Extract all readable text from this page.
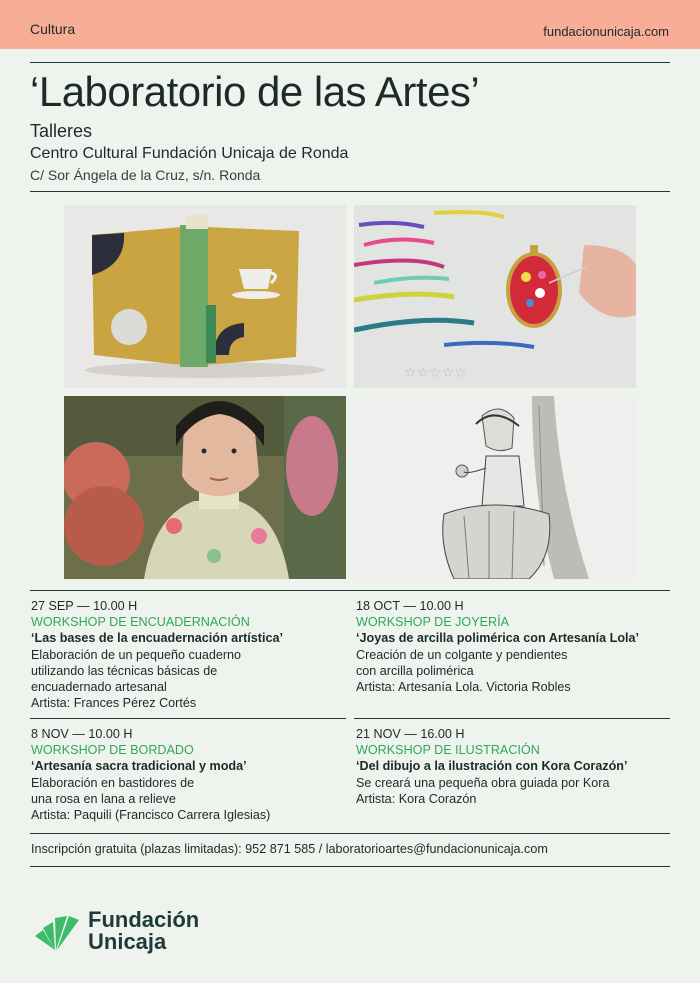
Cultura	fundacionunicaja.com
‘Laboratorio de las Artes’
Talleres
Centro Cultural Fundación Unicaja de Ronda
C/ Sor Ángela de la Cruz, s/n. Ronda
☆☆☆☆☆
27 SEP — 10.00 H
WORKSHOP DE ENCUADERNACIÓN
‘Las bases de la encuadernación artística’
Elaboración de un pequeño cuaderno
utilizando las técnicas básicas de
encuadernado artesanal
Artista: Frances Pérez Cortés
18 OCT — 10.00 H
WORKSHOP DE JOYERÍA
‘Joyas de arcilla polimérica con Artesanía Lola’
Creación de un colgante y pendientes
con arcilla polimérica
Artista: Artesanía Lola. Victoria Robles
8 NOV — 10.00 H
WORKSHOP DE BORDADO
‘Artesanía sacra tradicional y moda’
Elaboración en bastidores de
una rosa en lana a relieve
Artista: Paquili (Francisco Carrera Iglesias)
21 NOV — 16.00 H
WORKSHOP DE ILUSTRACIÓN
‘Del dibujo a la ilustración con Kora Corazón’
Se creará una pequeña obra guiada por Kora
Artista: Kora Corazón
Inscripción gratuita (plazas limitadas): 952 871 585 / laboratorioartes@fundacionunicaja.com
Fundación
Unicaja
